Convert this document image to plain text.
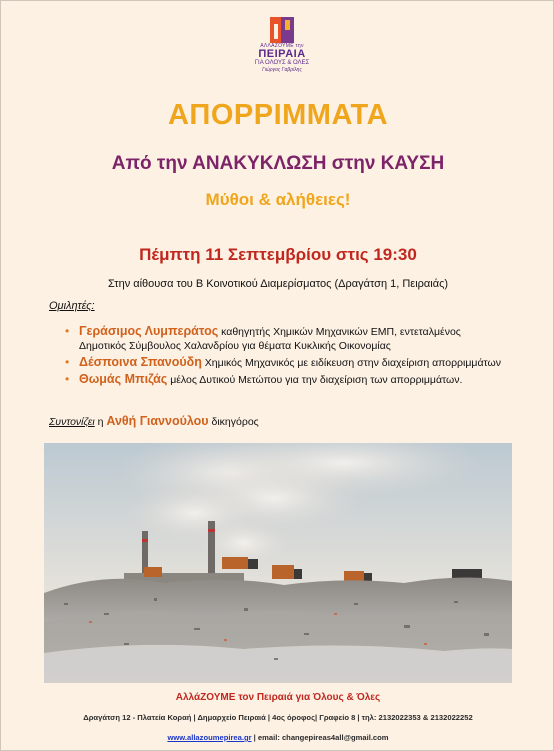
ΑΛΛΑΖΟΥΜΕ την
ΠΕΙΡΑΙΑ
ΓΙΑ ΟΛΟΥΣ & ΟΛΕΣ
Γιώργος Γαβρίλης
ΑΠΟΡΡΙΜΜΑΤΑ
Από την ΑΝΑΚΥΚΛΩΣΗ στην ΚΑΥΣΗ
Μύθοι & αλήθειες!
Πέμπτη 11 Σεπτεμβρίου στις 19:30
Στην αίθουσα του Β Κοινοτικού Διαμερίσματος (Δραγάτση 1, Πειραιάς)
Ομιλητές:
• Γεράσιμος Λυμπεράτος καθηγητής Χημικών Μηχανικών ΕΜΠ, εντεταλμένος Δημοτικός Σύμβουλος Χαλανδρίου για θέματα Κυκλικής Οικονομίας
• Δέσποινα Σπανούδη Χημικός Μηχανικός με ειδίκευση στην διαχείριση απορριμμάτων
• Θωμάς Μπιζάς μέλος Δυτικού Μετώπου για την διαχείριση των απορριμμάτων.
Συντονίζει η Ανθή Γιαννούλου δικηγόρος
ΑλλάΖΟΥΜΕ τον Πειραιά για Όλους & Όλες
Δραγάτση 12 - Πλατεία Κοραή | Δημαρχείο Πειραιά | 4ος όροφος| Γραφείο 8 | τηλ: 2132022353 & 2132022252
www.allazoumepirea.gr | email: changepireas4all@gmail.com
